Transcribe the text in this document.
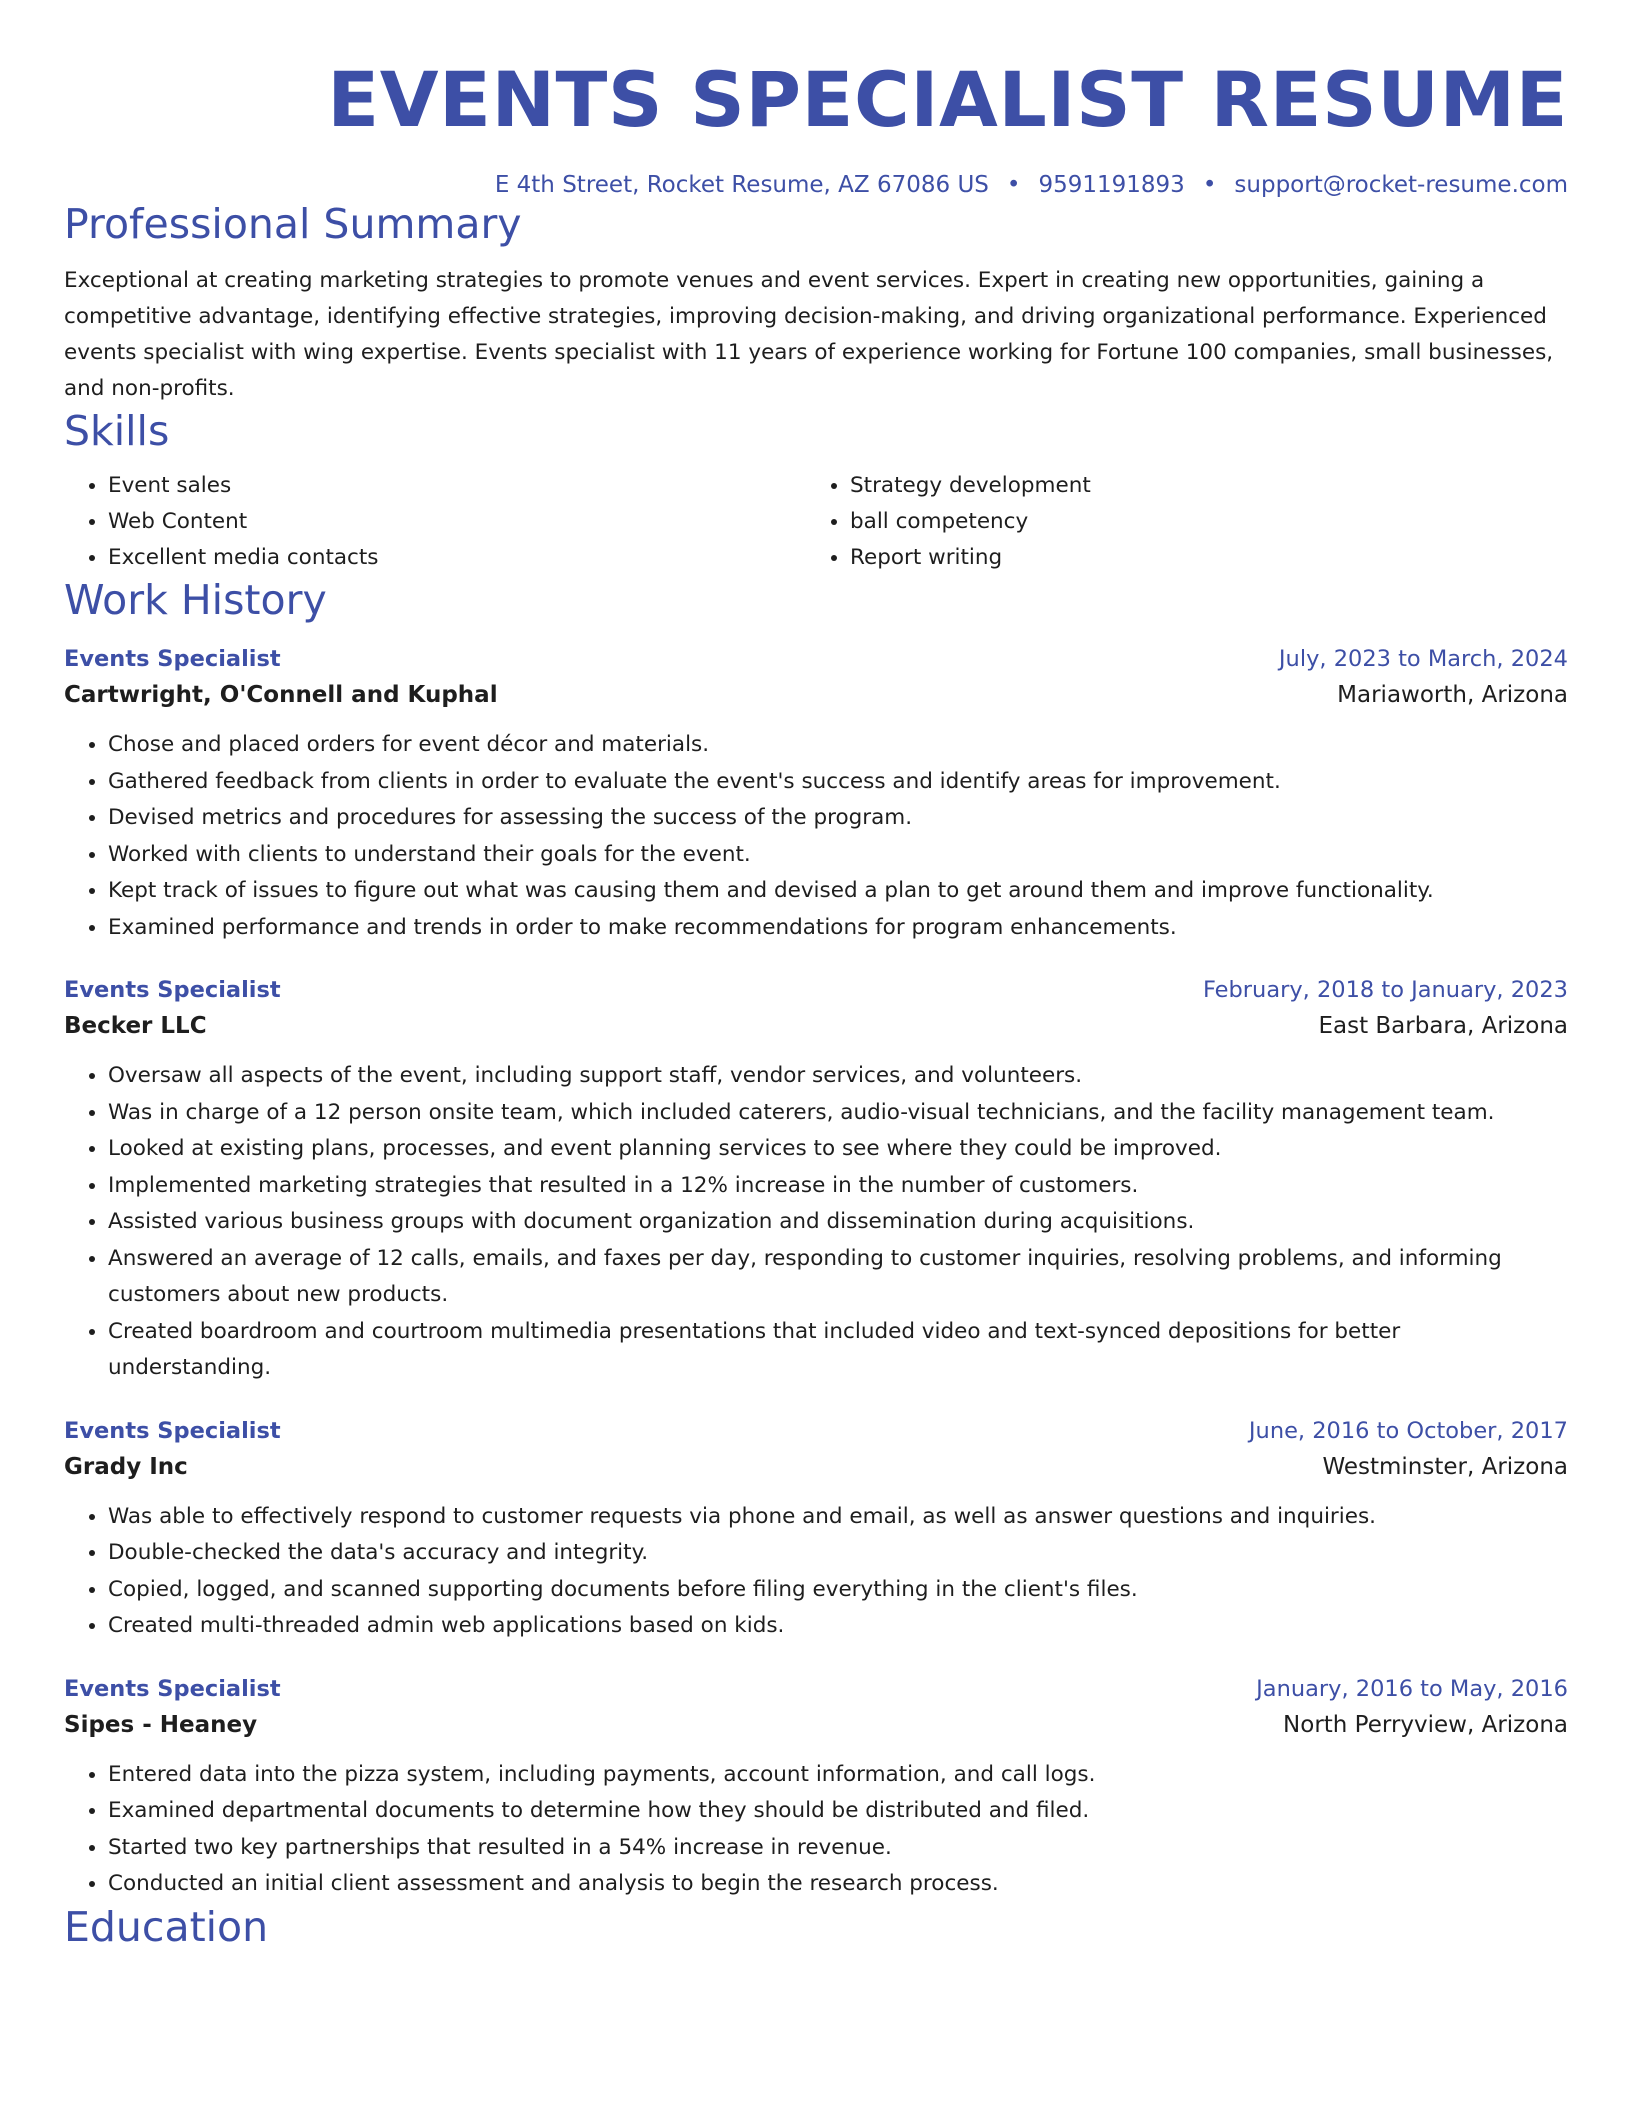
EVENTS SPECIALIST RESUME
E 4th Street, Rocket Resume, AZ 67086 US • 9591191893 • support@rocket-resume.com
Professional Summary
Exceptional at creating marketing strategies to promote venues and event services. Expert in creating new opportunities, gaining a competitive advantage, identifying effective strategies, improving decision-making, and driving organizational performance. Experienced events specialist with wing expertise. Events specialist with 11 years of experience working for Fortune 100 companies, small businesses, and non-profits.
Skills
• Event sales
• Web Content
• Excellent media contacts
• Strategy development
• ball competency
• Report writing
Work History
Events Specialist	July, 2023 to March, 2024
Cartwright, O'Connell and Kuphal	Mariaworth, Arizona
• Chose and placed orders for event décor and materials.
• Gathered feedback from clients in order to evaluate the event's success and identify areas for improvement.
• Devised metrics and procedures for assessing the success of the program.
• Worked with clients to understand their goals for the event.
• Kept track of issues to figure out what was causing them and devised a plan to get around them and improve functionality.
• Examined performance and trends in order to make recommendations for program enhancements.
Events Specialist	February, 2018 to January, 2023
Becker LLC	East Barbara, Arizona
• Oversaw all aspects of the event, including support staff, vendor services, and volunteers.
• Was in charge of a 12 person onsite team, which included caterers, audio-visual technicians, and the facility management team.
• Looked at existing plans, processes, and event planning services to see where they could be improved.
• Implemented marketing strategies that resulted in a 12% increase in the number of customers.
• Assisted various business groups with document organization and dissemination during acquisitions.
• Answered an average of 12 calls, emails, and faxes per day, responding to customer inquiries, resolving problems, and informing customers about new products.
• Created boardroom and courtroom multimedia presentations that included video and text-synced depositions for better understanding.
Events Specialist	June, 2016 to October, 2017
Grady Inc	Westminster, Arizona
• Was able to effectively respond to customer requests via phone and email, as well as answer questions and inquiries.
• Double-checked the data's accuracy and integrity.
• Copied, logged, and scanned supporting documents before filing everything in the client's files.
• Created multi-threaded admin web applications based on kids.
Events Specialist	January, 2016 to May, 2016
Sipes - Heaney	North Perryview, Arizona
• Entered data into the pizza system, including payments, account information, and call logs.
• Examined departmental documents to determine how they should be distributed and filed.
• Started two key partnerships that resulted in a 54% increase in revenue.
• Conducted an initial client assessment and analysis to begin the research process.
Education
